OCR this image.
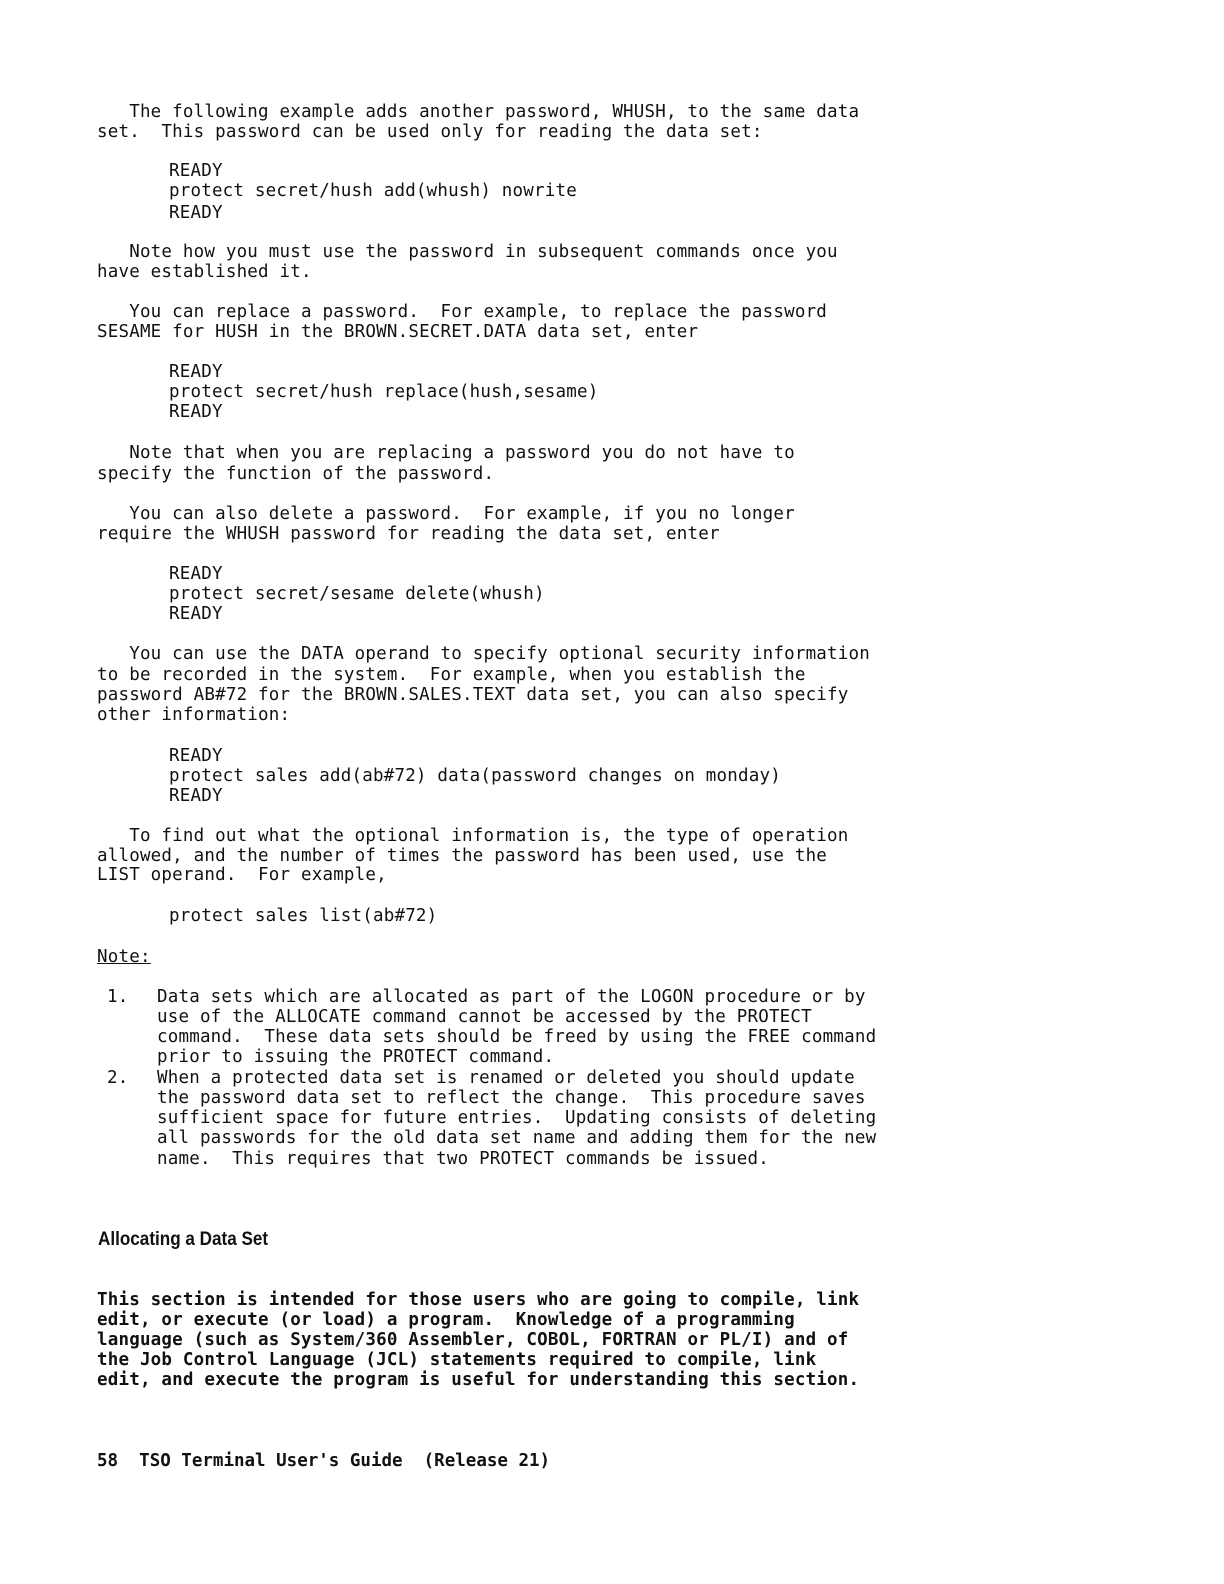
The following example adds another password, WHUSH, to the same data
set.  This password can be used only for reading the data set:
READY
protect secret/hush add(whush) nowrite
READY
Note how you must use the password in subsequent commands once you
have established it.
You can replace a password.  For example, to replace the password
SESAME for HUSH in the BROWN.SECRET.DATA data set, enter
READY
protect secret/hush replace(hush,sesame)
READY
Note that when you are replacing a password you do not have to
specify the function of the password.
You can also delete a password.  For example, if you no longer
require the WHUSH password for reading the data set, enter
READY
protect secret/sesame delete(whush)
READY
You can use the DATA operand to specify optional security information
to be recorded in the system.  For example, when you establish the
password AB#72 for the BROWN.SALES.TEXT data set, you can also specify
other information:
READY
protect sales add(ab#72) data(password changes on monday)
READY
To find out what the optional information is, the type of operation
allowed, and the number of times the password has been used, use the
LIST operand.  For example,
protect sales list(ab#72)
Note:
1. Data sets which are allocated as part of the LOGON procedure or by
use of the ALLOCATE command cannot be accessed by the PROTECT
command.  These data sets should be freed by using the FREE command
prior to issuing the PROTECT command.
2. When a protected data set is renamed or deleted you should update
the password data set to reflect the change.  This procedure saves
sufficient space for future entries.  Updating consists of deleting
all passwords for the old data set name and adding them for the new
name.  This requires that two PROTECT commands be issued.
Allocating a Data Set
This section is intended for those users who are going to compile, link
edit, or execute (or load) a program.  Knowledge of a programming
language (such as System/360 Assembler, COBOL, FORTRAN or PL/I) and of
the Job Control Language (JCL) statements required to compile, link
edit, and execute the program is useful for understanding this section.
58 TSO Terminal User's Guide (Release 21)
